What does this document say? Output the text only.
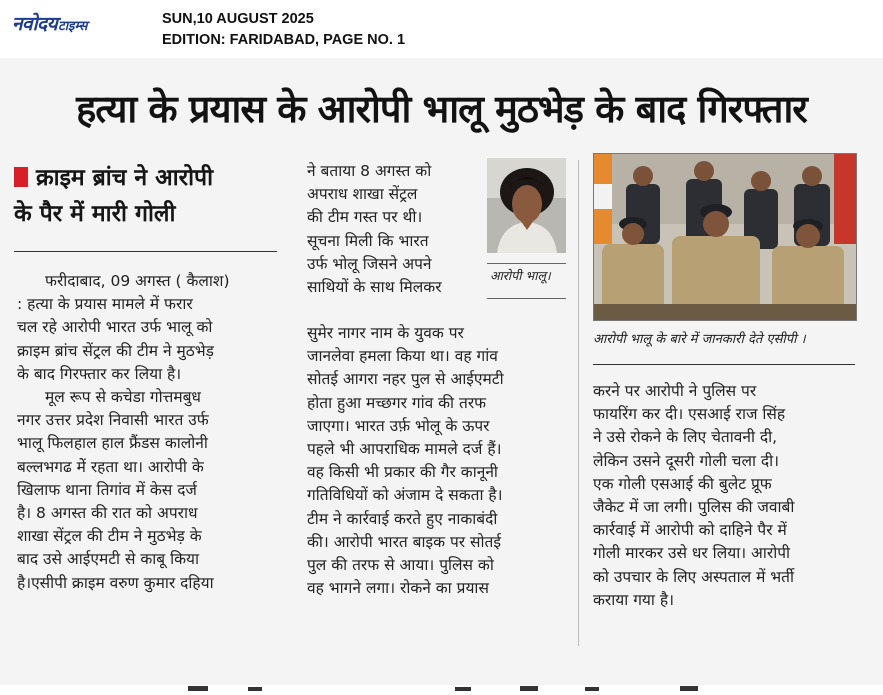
नवोदय टाइम्स	SUN,10 AUGUST 2025
EDITION: FARIDABAD, PAGE NO. 1
हत्या के प्रयास के आरोपी भालू मुठभेड़ के बाद गिरफ्तार
क्राइम ब्रांच ने आरोपी
के पैर में मारी गोली
फरीदाबाद, 09 अगस्त ( कैलाश)
: हत्या के प्रयास मामले में फरार
चल रहे आरोपी भारत उर्फ भालू को
क्राइम ब्रांच सेंट्रल की टीम ने मुठभेड़
के बाद गिरफ्तार कर लिया है।
मूल रूप से कचेडा गोत्तमबुध
नगर उत्तर प्रदेश निवासी भारत उर्फ
भालू फिलहाल हाल फ्रैंडस कालोनी
बल्लभगढ मेें रहता था। आरोपी के
खिलाफ थाना तिगांव में केस दर्ज
है। 8 अगस्त की रात को अपराध
शाखा सेंट्रल की टीम ने मुठभेड़ के
बाद उसे आईएमटी से काबू किया
है।एसीपी क्राइम वरुण कुमार दहिया
ने बताया 8 अगस्त को
अपराध शाखा सेंट्रल
की टीम गस्त पर थी।
सूचना मिली कि भारत
उर्फ भोलू जिसने अपने
साथियों के साथ मिलकर
आरोपी भालू।
सुमेर नागर नाम के युवक पर
जानलेवा हमला किया था। वह गांव
सोतई आगरा नहर पुल से आईएमटी
होता हुआ मच्छगर गांव की तरफ
जाएगा। भारत उर्फ़ भोलू के ऊपर
पहले भी आपराधिक मामले दर्ज हैं।
वह किसी भी प्रकार की गैर कानूनी
गतिविधियों को अंजाम दे सकता है।
टीम ने कार्रवाई करते हुए नाकाबंदी
की। आरोपी भारत बाइक पर सोतई
पुल की तरफ से आया। पुलिस को
वह भागने लगा। रोकने का प्रयास
आरोपी भालू के बारे में जानकारी देते एसीपी ।
करने पर आरोपी ने पुलिस पर
फायरिंग कर दी। एसआई राज सिंह
ने उसे रोकने के लिए चेतावनी दी,
लेकिन उसने दूसरी गोली चला दी।
एक गोली एसआई की बुलेट प्रूफ
जैकेट में जा लगी। पुलिस की जवाबी
कार्रवाई में आरोपी को दाहिने पैर में
गोली मारकर उसे धर लिया। आरोपी
को उपचार के लिए अस्पताल में भर्ती
कराया गया है।
